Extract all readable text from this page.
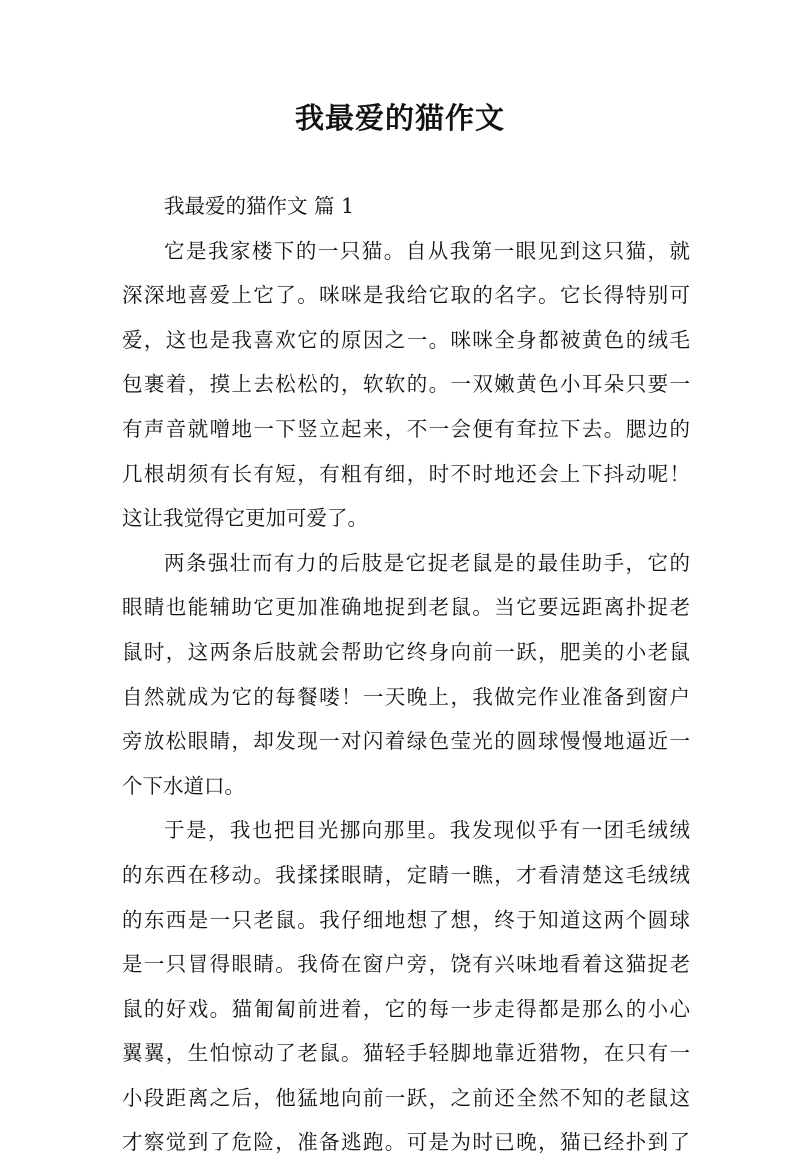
我最爱的猫作文
我最爱的猫作文 篇 1
它是我家楼下的一只猫。自从我第一眼见到这只猫，就
深深地喜爱上它了。咪咪是我给它取的名字。它长得特别可
爱，这也是我喜欢它的原因之一。咪咪全身都被黄色的绒毛
包裹着，摸上去松松的，软软的。一双嫩黄色小耳朵只要一
有声音就噌地一下竖立起来，不一会便有耷拉下去。腮边的
几根胡须有长有短，有粗有细，时不时地还会上下抖动呢！
这让我觉得它更加可爱了。
两条强壮而有力的后肢是它捉老鼠是的最佳助手，它的
眼睛也能辅助它更加准确地捉到老鼠。当它要远距离扑捉老
鼠时，这两条后肢就会帮助它终身向前一跃，肥美的小老鼠
自然就成为它的每餐喽！一天晚上，我做完作业准备到窗户
旁放松眼睛，却发现一对闪着绿色莹光的圆球慢慢地逼近一
个下水道口。
于是，我也把目光挪向那里。我发现似乎有一团毛绒绒
的东西在移动。我揉揉眼睛，定睛一瞧，才看清楚这毛绒绒
的东西是一只老鼠。我仔细地想了想，终于知道这两个圆球
是一只冒得眼睛。我倚在窗户旁，饶有兴味地看着这猫捉老
鼠的好戏。猫匍匐前进着，它的每一步走得都是那么的小心
翼翼，生怕惊动了老鼠。猫轻手轻脚地靠近猎物，在只有一
小段距离之后，他猛地向前一跃，之前还全然不知的老鼠这
才察觉到了危险，准备逃跑。可是为时已晚，猫已经扑到了
